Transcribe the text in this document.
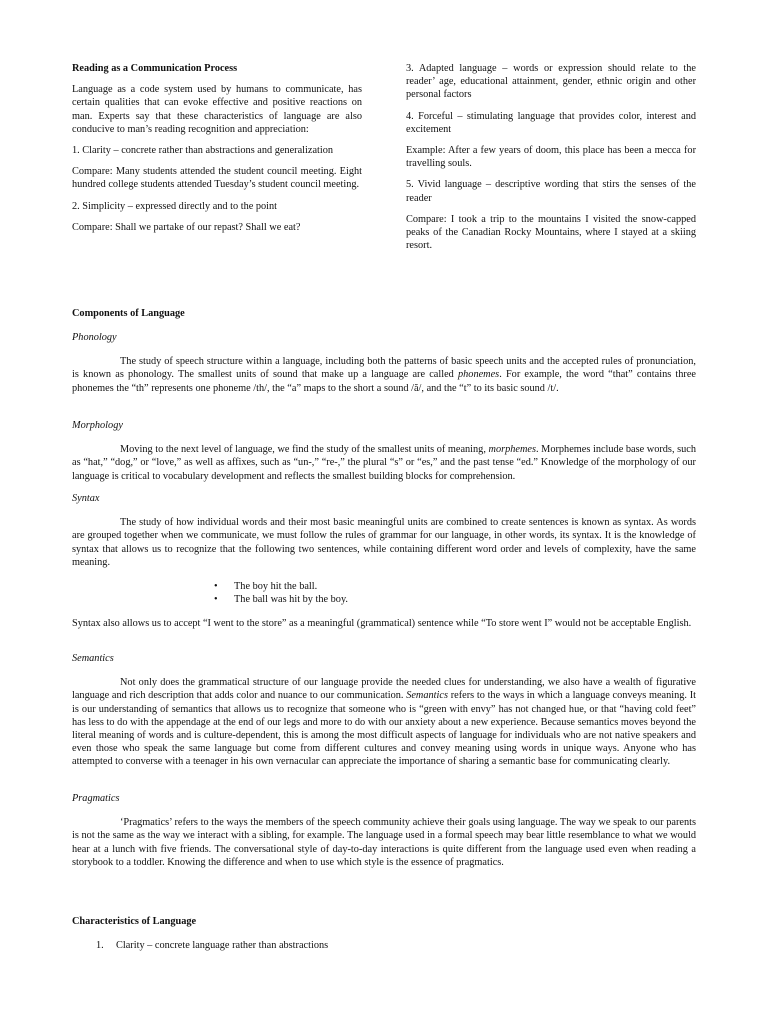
Reading as a Communication Process

Language as a code system used by humans to communicate, has certain qualities that can evoke effective and positive reactions on man. Experts say that these characteristics of language are also conducive to man’s reading recognition and appreciation:

1. Clarity – concrete rather than abstractions and generalization

Compare: Many students attended the student council meeting. Eight hundred college students attended Tuesday’s student council meeting.

2. Simplicity – expressed directly and to the point

Compare: Shall we partake of our repast? Shall we eat?

3. Adapted language – words or expression should relate to the reader’ age, educational attainment, gender, ethnic origin and other personal factors

4. Forceful – stimulating language that provides color, interest and excitement

Example: After a few years of doom, this place has been a mecca for travelling souls.

5. Vivid language – descriptive wording that stirs the senses of the reader

Compare: I took a trip to the mountains I visited the snow-capped peaks of the Canadian Rocky Mountains, where I stayed at a skiing resort.

Components of Language

Phonology

The study of speech structure within a language, including both the patterns of basic speech units and the accepted rules of pronunciation, is known as phonology. The smallest units of sound that make up a language are called phonemes. For example, the word “that” contains three phonemes the “th” represents one phoneme /th/, the “a” maps to the short a sound /ă/, and the “t” to its basic sound /t/.

Morphology

Moving to the next level of language, we find the study of the smallest units of meaning, morphemes. Morphemes include base words, such as “hat,” “dog,” or “love,” as well as affixes, such as “un-,” “re-,” the plural “s” or “es,” and the past tense “ed.” Knowledge of the morphology of our language is critical to vocabulary development and reflects the smallest building blocks for comprehension.

Syntax

The study of how individual words and their most basic meaningful units are combined to create sentences is known as syntax. As words are grouped together when we communicate, we must follow the rules of grammar for our language, in other words, its syntax. It is the knowledge of syntax that allows us to recognize that the following two sentences, while containing different word order and levels of complexity, have the same meaning.

• The boy hit the ball.
• The ball was hit by the boy.

Syntax also allows us to accept “I went to the store” as a meaningful (grammatical) sentence while “To store went I” would not be acceptable English.

Semantics

Not only does the grammatical structure of our language provide the needed clues for understanding, we also have a wealth of figurative language and rich description that adds color and nuance to our communication. Semantics refers to the ways in which a language conveys meaning. It is our understanding of semantics that allows us to recognize that someone who is “green with envy” has not changed hue, or that “having cold feet” has less to do with the appendage at the end of our legs and more to do with our anxiety about a new experience. Because semantics moves beyond the literal meaning of words and is culture-dependent, this is among the most difficult aspects of language for individuals who are not native speakers and even those who speak the same language but come from different cultures and convey meaning using words in unique ways. Anyone who has attempted to converse with a teenager in his own vernacular can appreciate the importance of sharing a semantic base for communicating clearly.

Pragmatics

‘Pragmatics’ refers to the ways the members of the speech community achieve their goals using language. The way we speak to our parents is not the same as the way we interact with a sibling, for example. The language used in a formal speech may bear little resemblance to what we would hear at a lunch with five friends. The conversational style of day-to-day interactions is quite different from the language used even when reading a storybook to a toddler. Knowing the difference and when to use which style is the essence of pragmatics.

Characteristics of Language

1.	Clarity – concrete language rather than abstractions
